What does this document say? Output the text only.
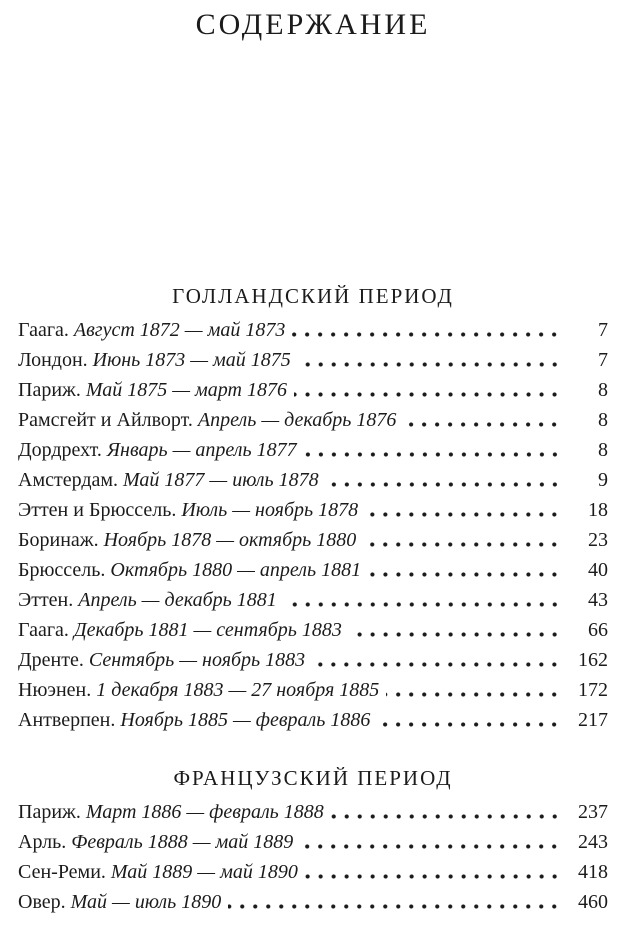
СОДЕРЖАНИЕ
ГОЛЛАНДСКИЙ ПЕРИОД
Гаага. Август 1872 — май 1873	7
Лондон. Июнь 1873 — май 1875	7
Париж. Май 1875 — март 1876	8
Рамсгейт и Айлворт. Апрель — декабрь 1876	8
Дордрехт. Январь — апрель 1877	8
Амстердам. Май 1877 — июль 1878	9
Эттен и Брюссель. Июль — ноябрь 1878	18
Боринаж. Ноябрь 1878 — октябрь 1880	23
Брюссель. Октябрь 1880 — апрель 1881	40
Эттен. Апрель — декабрь 1881	43
Гаага. Декабрь 1881 — сентябрь 1883	66
Дренте. Сентябрь — ноябрь 1883	162
Нюэнен. 1 декабря 1883 — 27 ноября 1885	172
Антверпен. Ноябрь 1885 — февраль 1886	217
ФРАНЦУЗСКИЙ ПЕРИОД
Париж. Март 1886 — февраль 1888	237
Арль. Февраль 1888 — май 1889	243
Сен-Реми. Май 1889 — май 1890	418
Овер. Май — июль 1890	460
